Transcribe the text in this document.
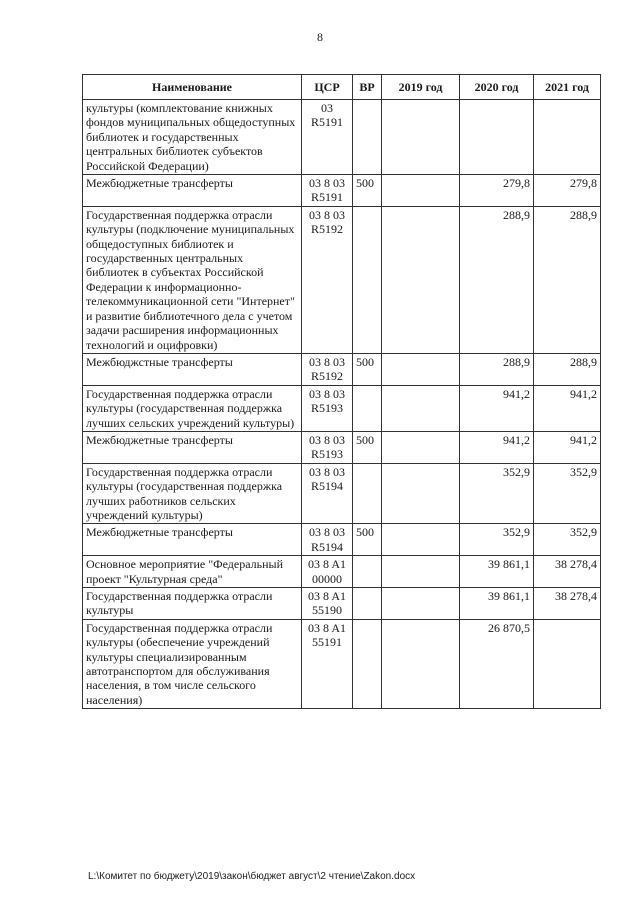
8
Наименование	ЦСР	ВР	2019 год	2020 год	2021 год
культуры (комплектование книжных фондов муниципальных общедоступных библиотек и государственных центральных библиотек субъектов Российской Федерации)	03 R5191				
Межбюджетные трансферты	03 8 03 R5191	500		279,8	279,8
Государственная поддержка отрасли культуры (подключение муниципальных общедоступных библиотек и государственных центральных библиотек в субъектах Российской Федерации к информационно-телекоммуникационной сети "Интернет" и развитие библиотечного дела с учетом задачи расширения информационных технологий и оцифровки)	03 8 03 R5192			288,9	288,9
Межбюджстные трансферты	03 8 03 R5192	500		288,9	288,9
Государственная поддержка отрасли культуры (государственная поддержка лучших сельских учреждений культуры)	03 8 03 R5193			941,2	941,2
Межбюджетные трансферты	03 8 03 R5193	500		941,2	941,2
Государственная поддержка отрасли культуры (государственная поддержка лучших работников сельских учреждений культуры)	03 8 03 R5194			352,9	352,9
Межбюджетные трансферты	03 8 03 R5194	500		352,9	352,9
Основное мероприятие "Федеральный проект "Культурная среда"	03 8 A1 00000			39 861,1	38 278,4
Государственная поддержка отрасли культуры	03 8 A1 55190			39 861,1	38 278,4
Государственная поддержка отрасли культуры (обеспечение учреждений культуры специализированным автотранспортом для обслуживания населения, в том числе сельского населения)	03 8 A1 55191			26 870,5	
L:\Комитет по бюджету\2019\закон\бюджет август\2 чтение\Zakon.docx
